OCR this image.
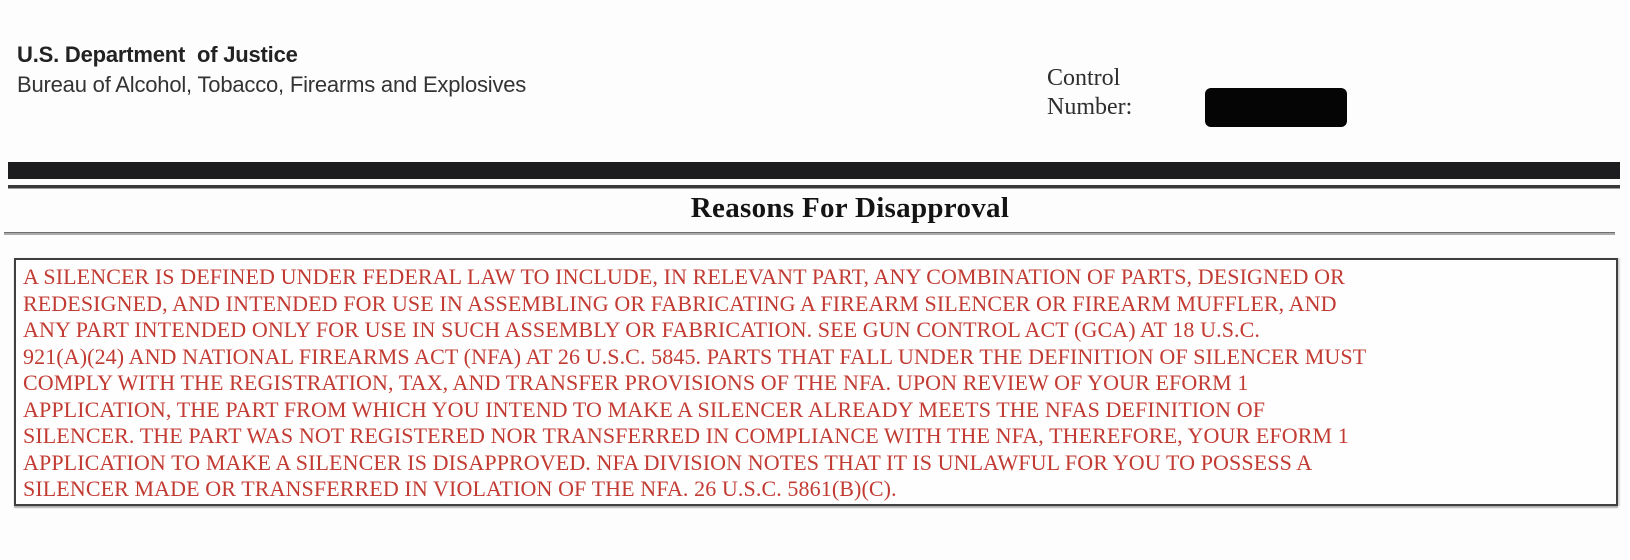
U.S. Department  of Justice
Bureau of Alcohol, Tobacco, Firearms and Explosives	Control
Number:
Reasons For Disapproval
A SILENCER IS DEFINED UNDER FEDERAL LAW TO INCLUDE, IN RELEVANT PART, ANY COMBINATION OF PARTS, DESIGNED OR
REDESIGNED, AND INTENDED FOR USE IN ASSEMBLING OR FABRICATING A FIREARM SILENCER OR FIREARM MUFFLER, AND
ANY PART INTENDED ONLY FOR USE IN SUCH ASSEMBLY OR FABRICATION. SEE GUN CONTROL ACT (GCA) AT 18 U.S.C.
921(A)(24) AND NATIONAL FIREARMS ACT (NFA) AT 26 U.S.C. 5845. PARTS THAT FALL UNDER THE DEFINITION OF SILENCER MUST
COMPLY WITH THE REGISTRATION, TAX, AND TRANSFER PROVISIONS OF THE NFA. UPON REVIEW OF YOUR EFORM 1
APPLICATION, THE PART FROM WHICH YOU INTEND TO MAKE A SILENCER ALREADY MEETS THE NFAS DEFINITION OF
SILENCER. THE PART WAS NOT REGISTERED NOR TRANSFERRED IN COMPLIANCE WITH THE NFA, THEREFORE, YOUR EFORM 1
APPLICATION TO MAKE A SILENCER IS DISAPPROVED. NFA DIVISION NOTES THAT IT IS UNLAWFUL FOR YOU TO POSSESS A
SILENCER MADE OR TRANSFERRED IN VIOLATION OF THE NFA. 26 U.S.C. 5861(B)(C).
